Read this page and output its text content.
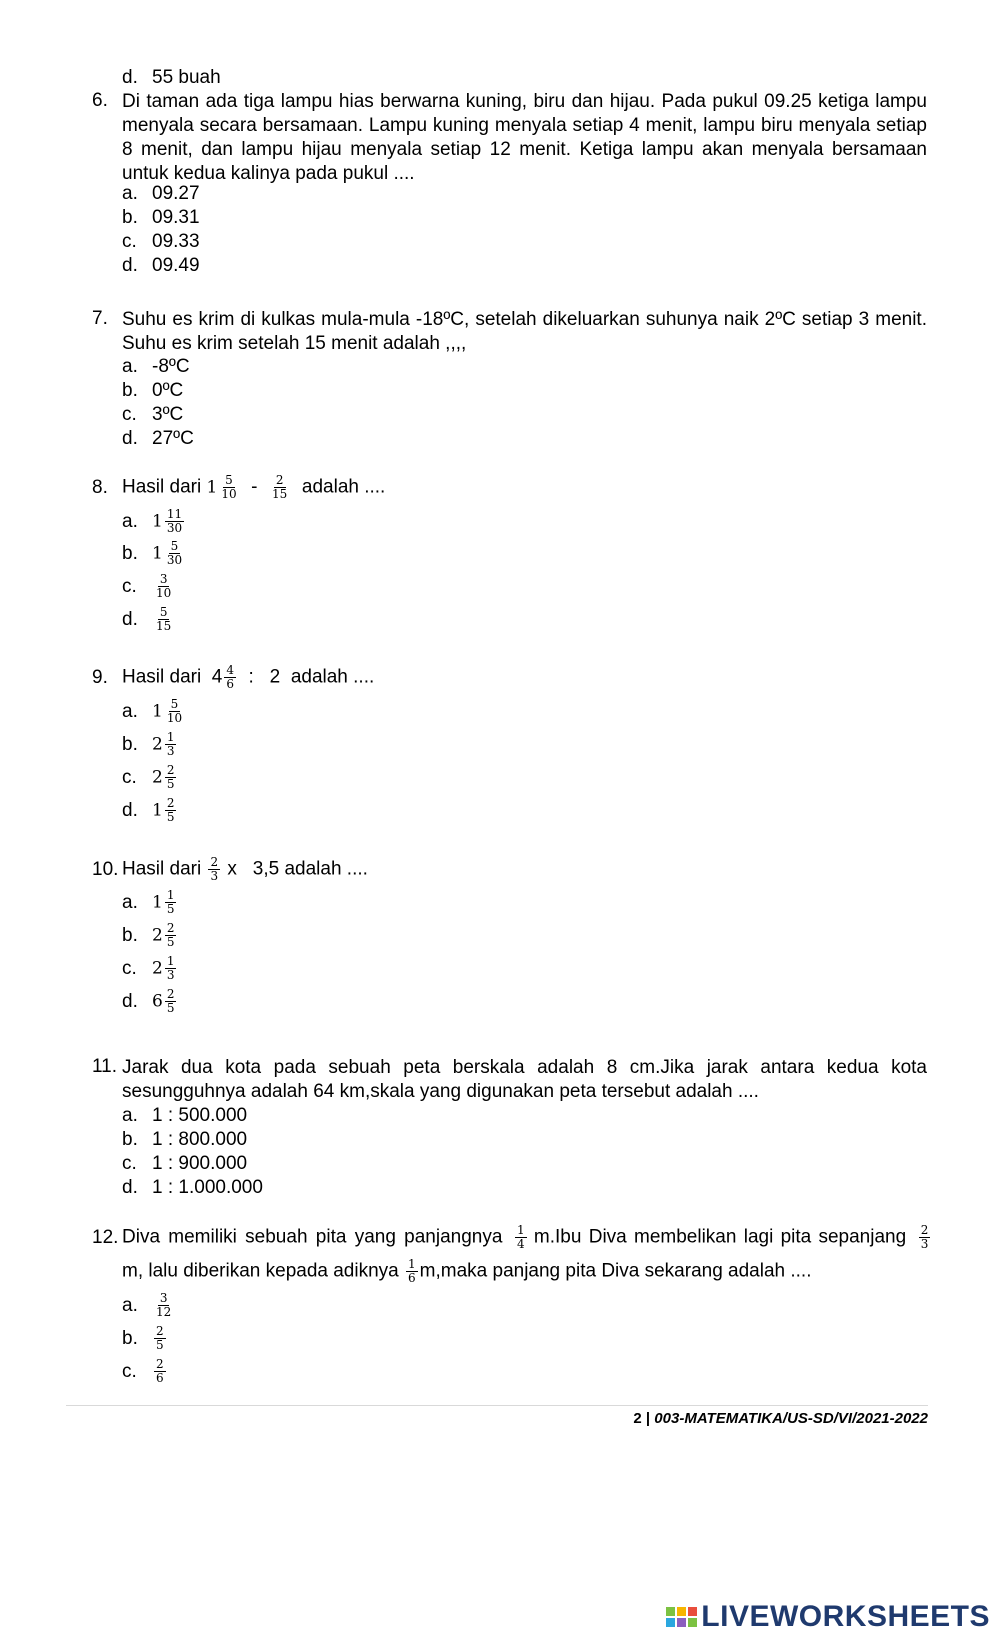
d. 55 buah
6. Di taman ada tiga lampu hias berwarna kuning, biru dan hijau. Pada pukul 09.25 ketiga lampu menyala secara bersamaan. Lampu kuning menyala setiap 4 menit, lampu biru menyala setiap 8 menit, dan lampu hijau menyala setiap 12 menit. Ketiga lampu akan menyala bersamaan untuk kedua kalinya pada pukul ....
a. 09.27
b. 09.31
c. 09.33
d. 09.49
7. Suhu es krim di kulkas mula-mula -18ºC, setelah dikeluarkan suhunya naik 2ºC setiap 3 menit. Suhu es krim setelah 15 menit adalah ,,,,
a. -8ºC
b. 0ºC
c. 3ºC
d. 27ºC
8. Hasil dari $1 \frac{5}{10} - \frac{2}{15}$ adalah ....
a. $1 \frac{11}{30}$
b. $1 \frac{5}{30}$
c. $\frac{3}{10}$
d. $\frac{5}{15}$
9. Hasil dari $4 \frac{4}{6}$ : 2 adalah ....
a. $1 \frac{5}{10}$
b. $2 \frac{1}{3}$
c. $2 \frac{2}{5}$
d. $1 \frac{2}{5}$
10. Hasil dari $\frac{2}{3}$ x 3,5 adalah ....
a. $1 \frac{1}{5}$
b. $2 \frac{2}{5}$
c. $2 \frac{1}{3}$
d. $6 \frac{2}{5}$
11. Jarak dua kota pada sebuah peta berskala adalah 8 cm.Jika jarak antara kedua kota sesungguhnya adalah 64 km,skala yang digunakan peta tersebut adalah ....
a. 1 : 500.000
b. 1 : 800.000
c. 1 : 900.000
d. 1 : 1.000.000
12. Diva memiliki sebuah pita yang panjangnya $\frac{1}{4} m.Ibu$ Diva membelikan lagi pita sepanjang $\frac{2}{3}$
m, lalu diberikan kepada adiknya $\frac{1}{6}$ m,maka panjang pita Diva sekarang adalah ....
a. $\frac{3}{12}$
b. $\frac{2}{5}$
c. $\frac{2}{6}$
2 | 003-MATEMATIKA/US-SD/VI/2021-2022
LIVEWORKSHEETS
